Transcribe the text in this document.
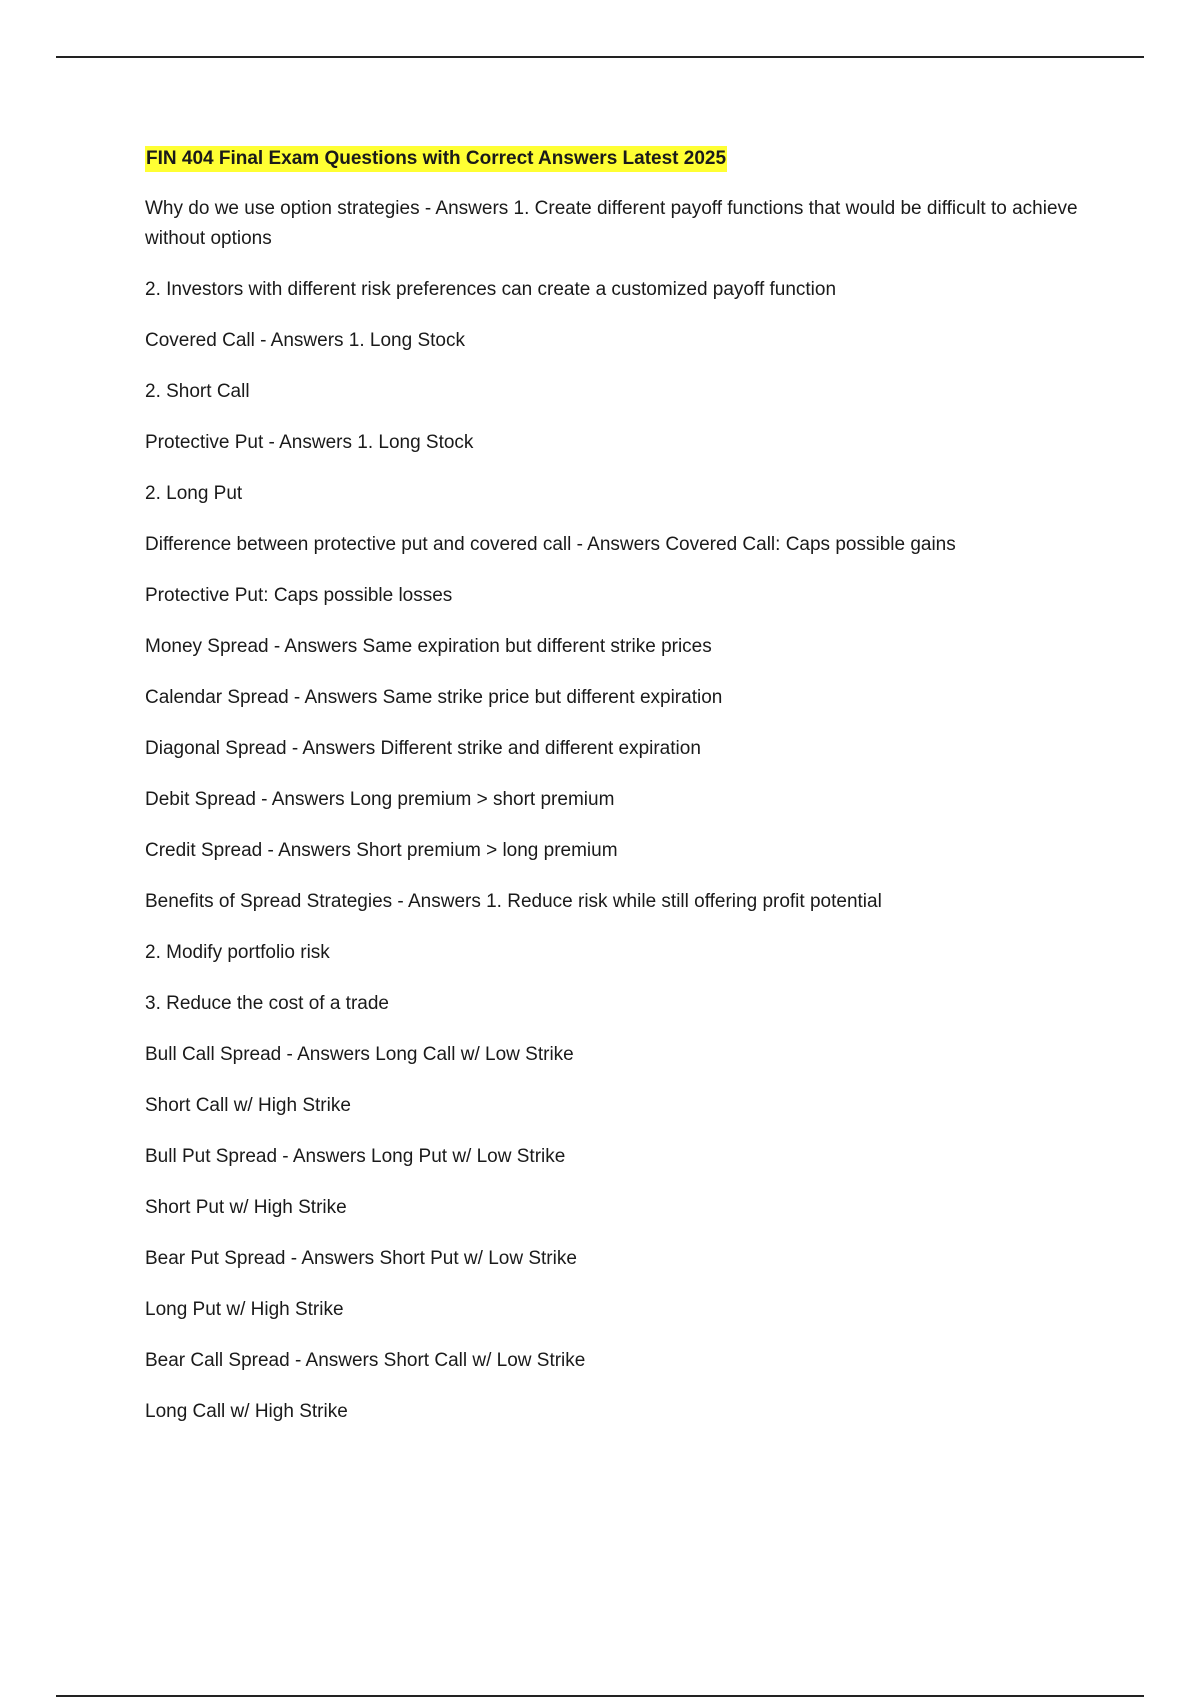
FIN 404 Final Exam Questions with Correct Answers Latest 2025
Why do we use option strategies - Answers 1. Create different payoff functions that would be difficult to achieve without options
2. Investors with different risk preferences can create a customized payoff function
Covered Call - Answers 1. Long Stock
2. Short Call
Protective Put - Answers 1. Long Stock
2. Long Put
Difference between protective put and covered call - Answers Covered Call: Caps possible gains
Protective Put: Caps possible losses
Money Spread - Answers Same expiration but different strike prices
Calendar Spread - Answers Same strike price but different expiration
Diagonal Spread - Answers Different strike and different expiration
Debit Spread - Answers Long premium > short premium
Credit Spread - Answers Short premium > long premium
Benefits of Spread Strategies - Answers 1. Reduce risk while still offering profit potential
2. Modify portfolio risk
3. Reduce the cost of a trade
Bull Call Spread - Answers Long Call w/ Low Strike
Short Call w/ High Strike
Bull Put Spread - Answers Long Put w/ Low Strike
Short Put w/ High Strike
Bear Put Spread - Answers Short Put w/ Low Strike
Long Put w/ High Strike
Bear Call Spread - Answers Short Call w/ Low Strike
Long Call w/ High Strike
